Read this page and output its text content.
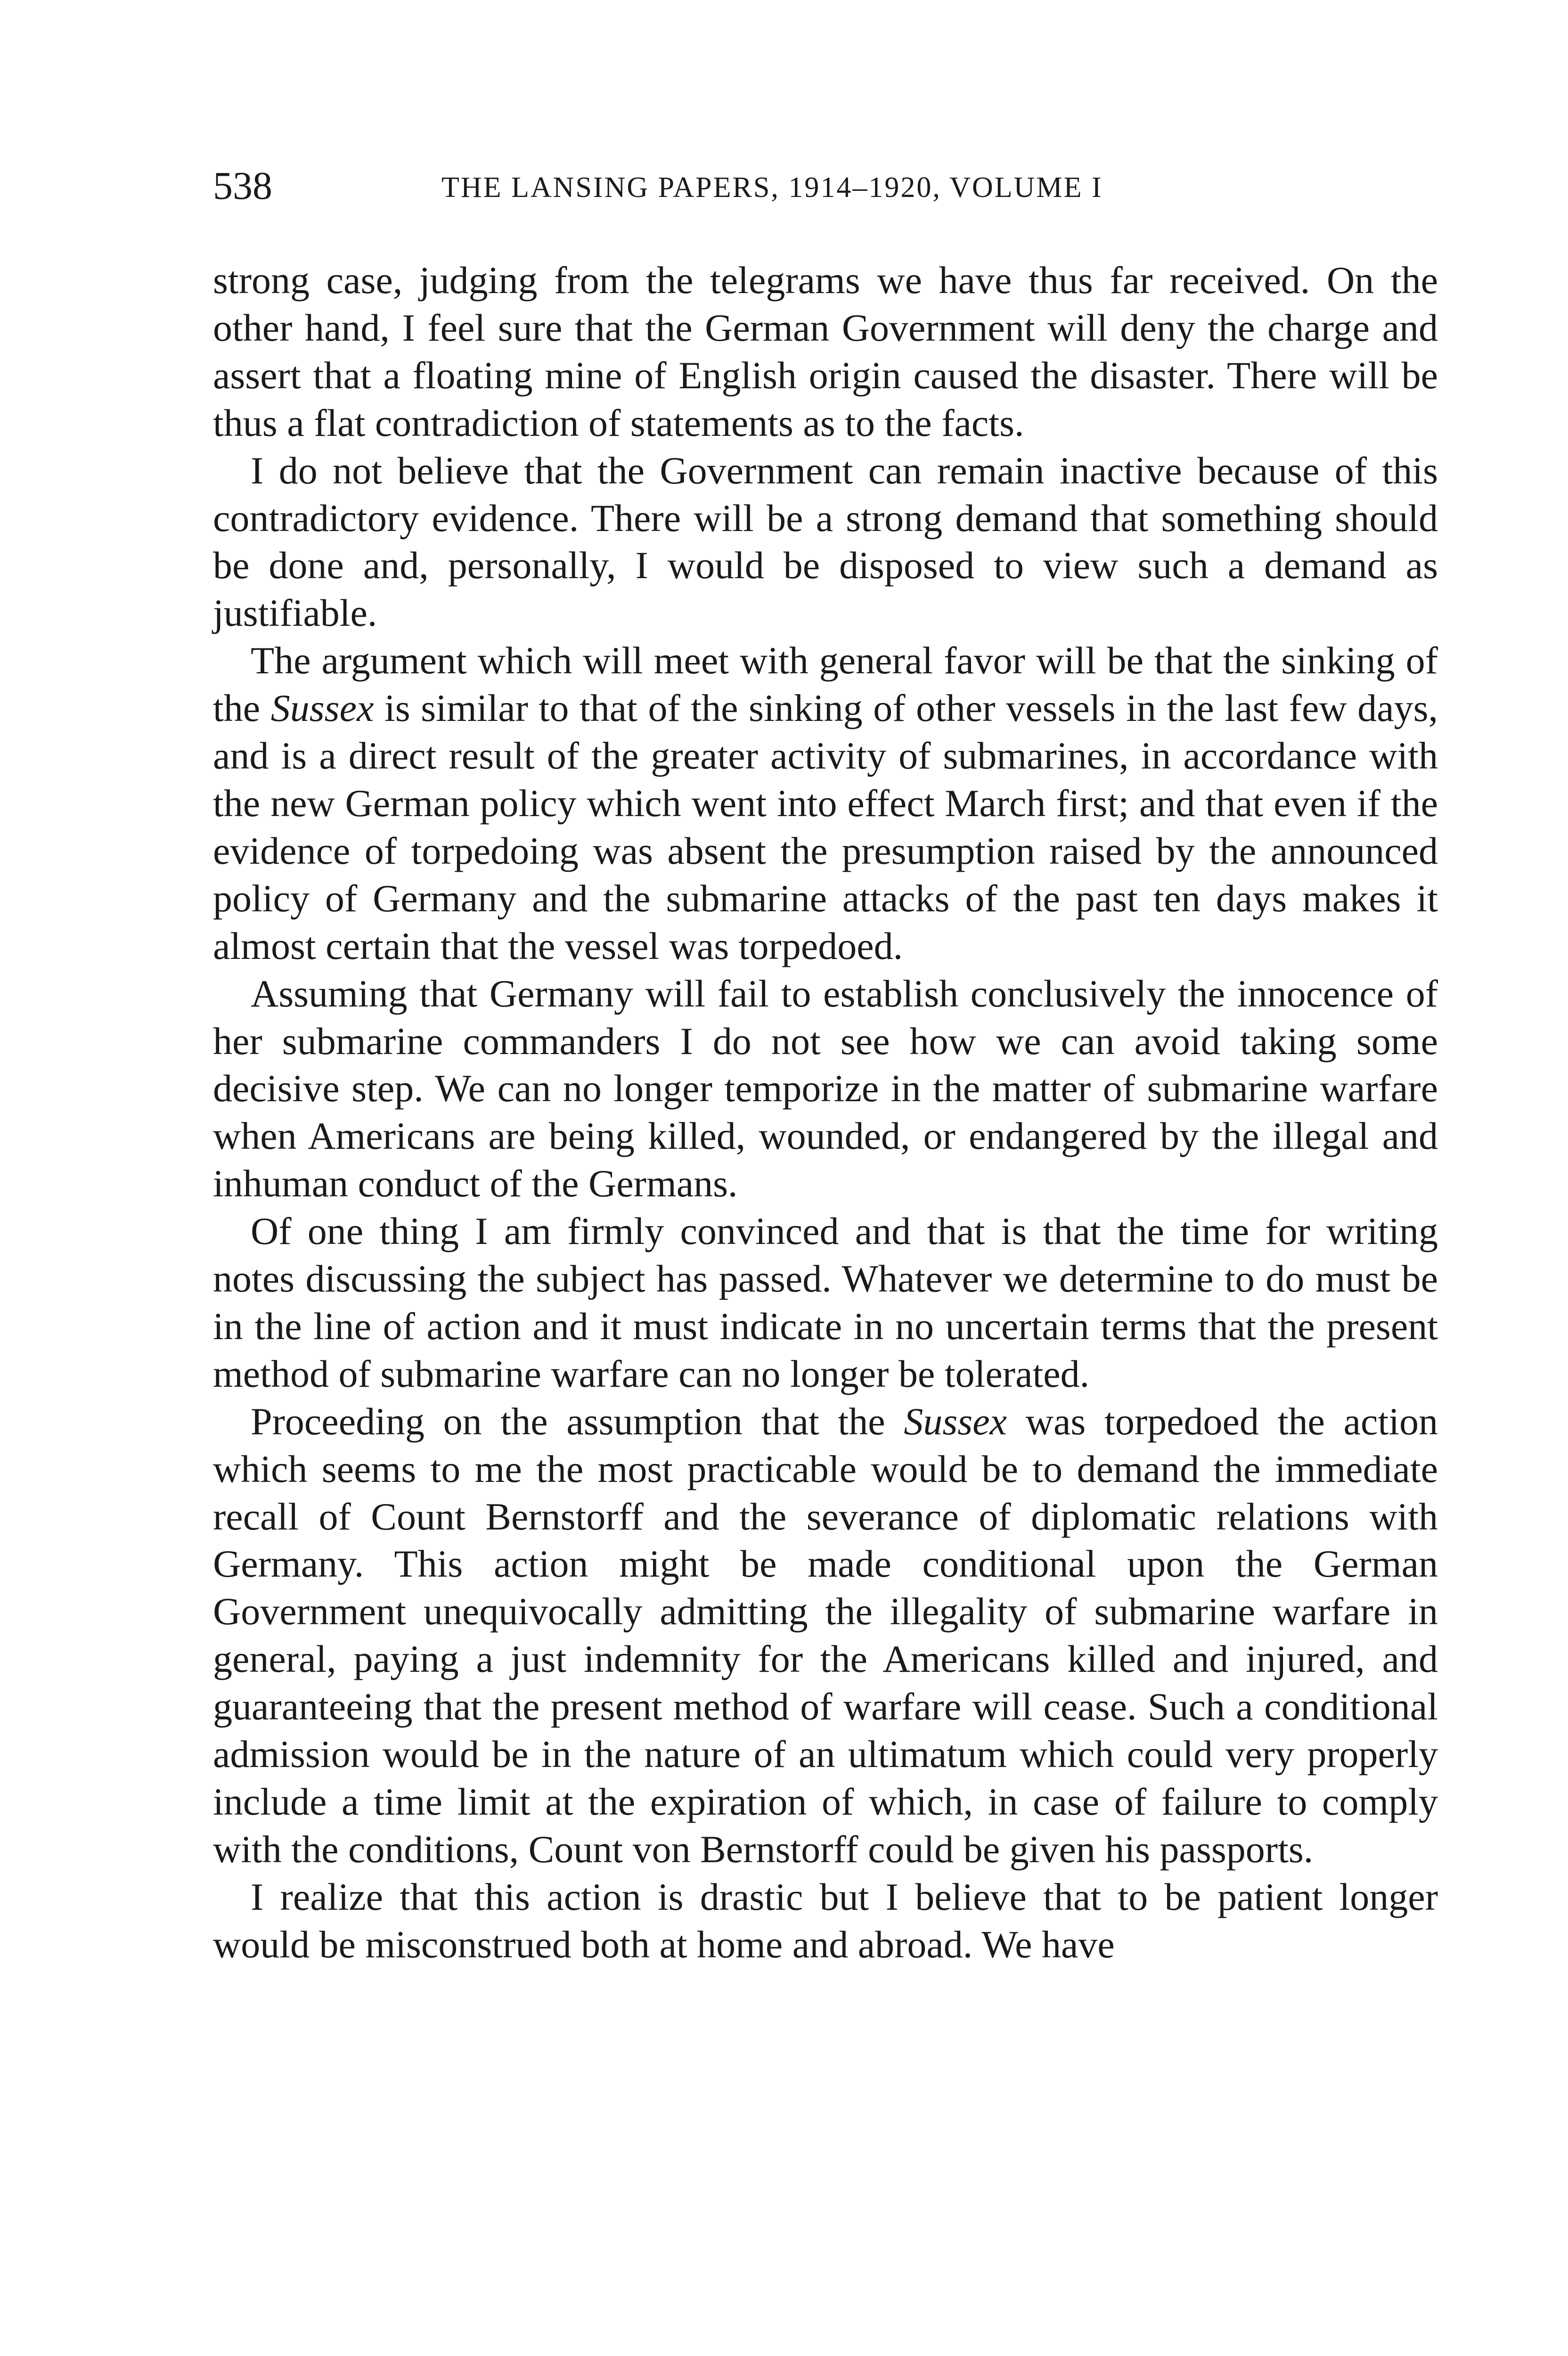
538	THE LANSING PAPERS, 1914–1920, VOLUME I

strong case, judging from the telegrams we have thus far received. On the other hand, I feel sure that the German Government will deny the charge and assert that a floating mine of English origin caused the disaster. There will be thus a flat contradiction of statements as to the facts.

I do not believe that the Government can remain inactive because of this contradictory evidence. There will be a strong demand that something should be done and, personally, I would be disposed to view such a demand as justifiable.

The argument which will meet with general favor will be that the sinking of the Sussex is similar to that of the sinking of other vessels in the last few days, and is a direct result of the greater activity of submarines, in accordance with the new German policy which went into effect March first; and that even if the evidence of torpedoing was absent the presumption raised by the announced policy of Germany and the submarine attacks of the past ten days makes it almost certain that the vessel was torpedoed.

Assuming that Germany will fail to establish conclusively the innocence of her submarine commanders I do not see how we can avoid taking some decisive step. We can no longer temporize in the matter of submarine warfare when Americans are being killed, wounded, or endangered by the illegal and inhuman conduct of the Germans.

Of one thing I am firmly convinced and that is that the time for writing notes discussing the subject has passed. Whatever we determine to do must be in the line of action and it must indicate in no uncertain terms that the present method of submarine warfare can no longer be tolerated.

Proceeding on the assumption that the Sussex was torpedoed the action which seems to me the most practicable would be to demand the immediate recall of Count Bernstorff and the severance of diplomatic relations with Germany. This action might be made conditional upon the German Government unequivocally admitting the illegality of submarine warfare in general, paying a just indemnity for the Americans killed and injured, and guaranteeing that the present method of warfare will cease. Such a conditional admission would be in the nature of an ultimatum which could very properly include a time limit at the expiration of which, in case of failure to comply with the conditions, Count von Bernstorff could be given his passports.

I realize that this action is drastic but I believe that to be patient longer would be misconstrued both at home and abroad. We have
